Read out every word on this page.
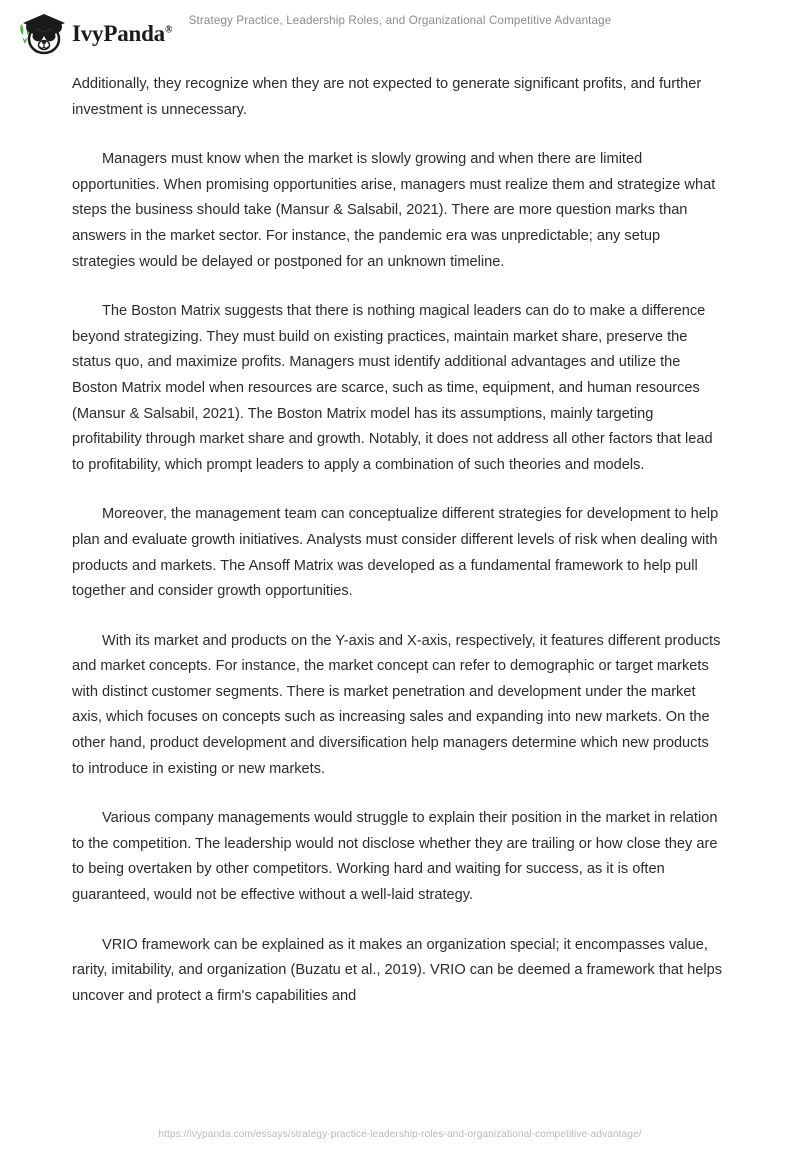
IvyPanda®
Strategy Practice, Leadership Roles, and Organizational Competitive Advantage

Additionally, they recognize when they are not expected to generate significant profits, and further investment is unnecessary.

Managers must know when the market is slowly growing and when there are limited opportunities. When promising opportunities arise, managers must realize them and strategize what steps the business should take (Mansur & Salsabil, 2021). There are more question marks than answers in the market sector. For instance, the pandemic era was unpredictable; any setup strategies would be delayed or postponed for an unknown timeline.

The Boston Matrix suggests that there is nothing magical leaders can do to make a difference beyond strategizing. They must build on existing practices, maintain market share, preserve the status quo, and maximize profits. Managers must identify additional advantages and utilize the Boston Matrix model when resources are scarce, such as time, equipment, and human resources (Mansur & Salsabil, 2021). The Boston Matrix model has its assumptions, mainly targeting profitability through market share and growth. Notably, it does not address all other factors that lead to profitability, which prompt leaders to apply a combination of such theories and models.

Moreover, the management team can conceptualize different strategies for development to help plan and evaluate growth initiatives. Analysts must consider different levels of risk when dealing with products and markets. The Ansoff Matrix was developed as a fundamental framework to help pull together and consider growth opportunities.

With its market and products on the Y-axis and X-axis, respectively, it features different products and market concepts. For instance, the market concept can refer to demographic or target markets with distinct customer segments. There is market penetration and development under the market axis, which focuses on concepts such as increasing sales and expanding into new markets. On the other hand, product development and diversification help managers determine which new products to introduce in existing or new markets.

Various company managements would struggle to explain their position in the market in relation to the competition. The leadership would not disclose whether they are trailing or how close they are to being overtaken by other competitors. Working hard and waiting for success, as it is often guaranteed, would not be effective without a well-laid strategy.

VRIO framework can be explained as it makes an organization special; it encompasses value, rarity, imitability, and organization (Buzatu et al., 2019). VRIO can be deemed a framework that helps uncover and protect a firm's capabilities and

https://ivypanda.com/essays/strategy-practice-leadership-roles-and-organizational-competitive-advantage/
